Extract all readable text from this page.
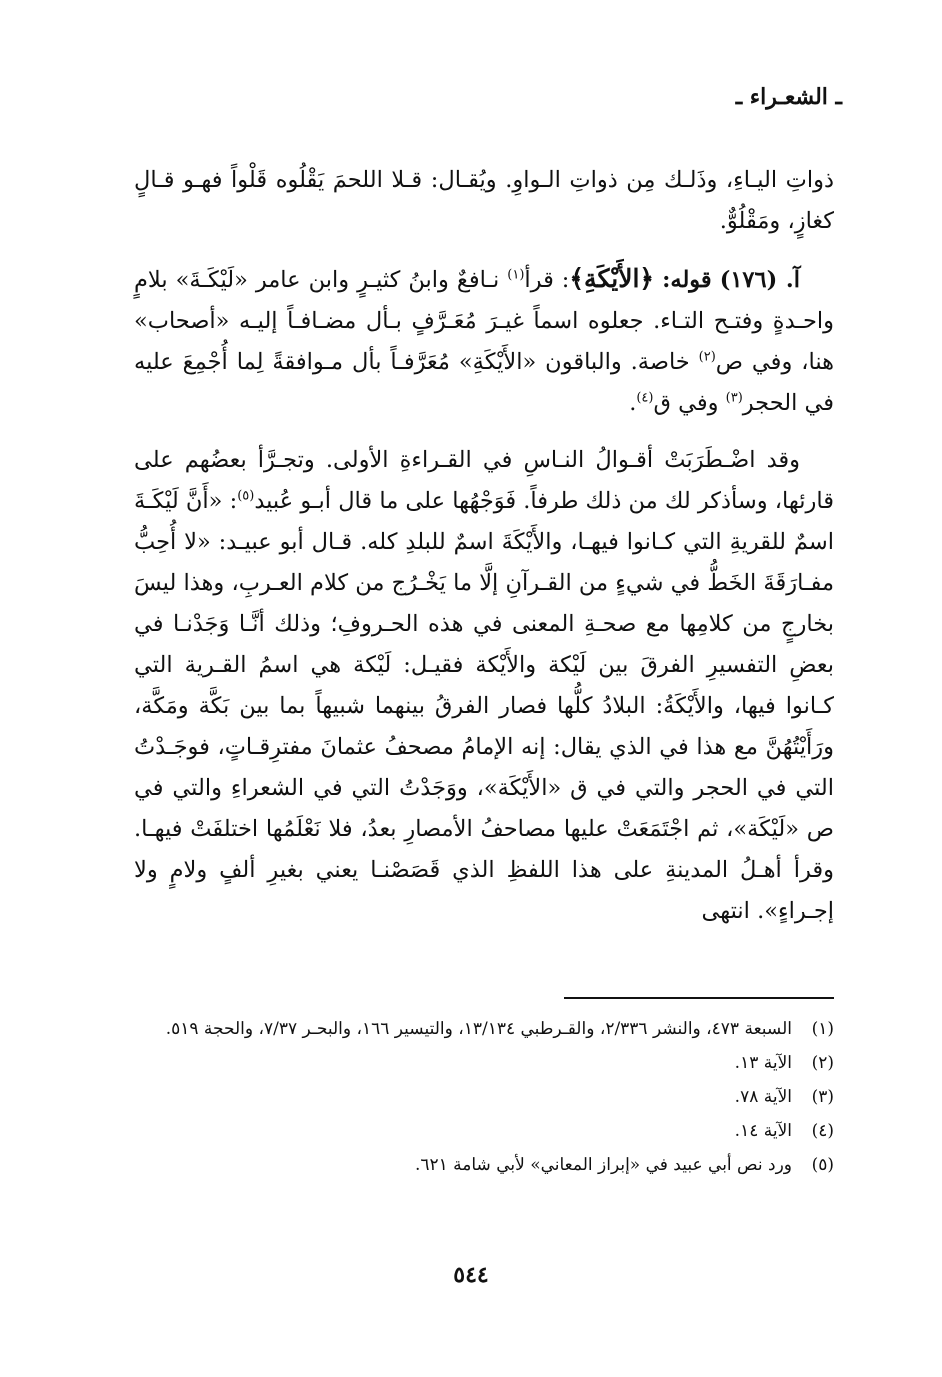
ـ الشعـراء ـ

ذواتِ اليـاءِ، وذَلـك مِن ذواتِ الـواوِ. ويُقـال: قـلا اللحمَ يَقْلُوه قَلْواً فهـو قـالٍ كغازٍ، ومَقْلُوٌّ.

آ. (١٧٦) قوله: ﴿الأَيْكَةِ﴾: قرأ$^{(١)}$ نـافعٌ وابنُ كثيـرٍ وابن عامر «لَيْكَـةَ» بلامٍ واحـدةٍ وفتـح التـاء. جعلوه اسماً غيـرَ مُعَـرَّفٍ بـأل مضـافـاً إليـه «أصحاب» هنا، وفي ص$^{(٢)}$ خاصة. والباقون «الأَيْكَةِ» مُعَرَّفـاً بأل مـوافقةً لِما أُجْمِعَ عليه في الحجر$^{(٣)}$ وفي ق$^{(٤)}$.

وقد اضْـطَرَبَتْ أقـوالُ النـاسِ في القـراءةِ الأولى. وتجـرَّأ بعضُهم على قارئها، وسأذكر لك من ذلك طرفاً. فَوَجْهُها على ما قال أبـو عُبيد$^{(٥)}$: «أَنَّ لَيْكَـةَ اسمٌ للقريةِ التي كـانوا فيهـا، والأَيْكَةَ اسمٌ للبلدِ كله. قـال أبو عبيـد: «لا أُحِبُّ مفـارَقَةَ الخَطُّ في شيءٍ من القـرآنِ إلَّا ما يَخْـرُج من كلام العـربِ، وهذا ليسَ بخارجٍ من كلامِها مع صحـةِ المعنى في هذه الحـروفِ؛ وذلك أنَّـا وَجَدْنـا في بعضِ التفسيرِ الفرقَ بين لَيْكة والأَيْكة فقيـل: لَيْكة هي اسمُ القـرية التي كـانوا فيها، والأَيْكَةُ: البلادُ كلُّها فصار الفرقُ بينهما شبيهاً بما بين بَكَّة ومَكَّة، ورَأَيْتُهُنَّ مع هذا في الذي يقال: إنه الإمامُ مصحفُ عثمانَ مفترِقـاتٍ، فوجَـدْتُ التي في الحجر والتي في ق «الأَيْكَة»، ووَجَدْتُ التي في الشعراءِ والتي في ص «لَيْكَة»، ثم اجْتَمَعَتْ عليها مصاحفُ الأمصارِ بعدُ، فلا نَعْلَمُها اختلفَتْ فيهـا. وقرأ أهـلُ المدينةِ على هذا اللفظِ الذي قَصَصْنـا يعني بغيرِ ألفٍ ولامٍ ولا إجـراءٍ». انتهى

(١)
السبعة ٤٧٣، والنشر ٢/٣٣٦، والقـرطبي ١٣/١٣٤، والتيسير ١٦٦، والبحـر ٧/٣٧، والحجة ٥١٩.
(٢)
الآية ١٣.
(٣)
الآية ٧٨.
(٤)
الآية ١٤.
(٥)
ورد نص أبي عبيد في «إبراز المعاني» لأبي شامة ٦٢١.
٥٤٤
